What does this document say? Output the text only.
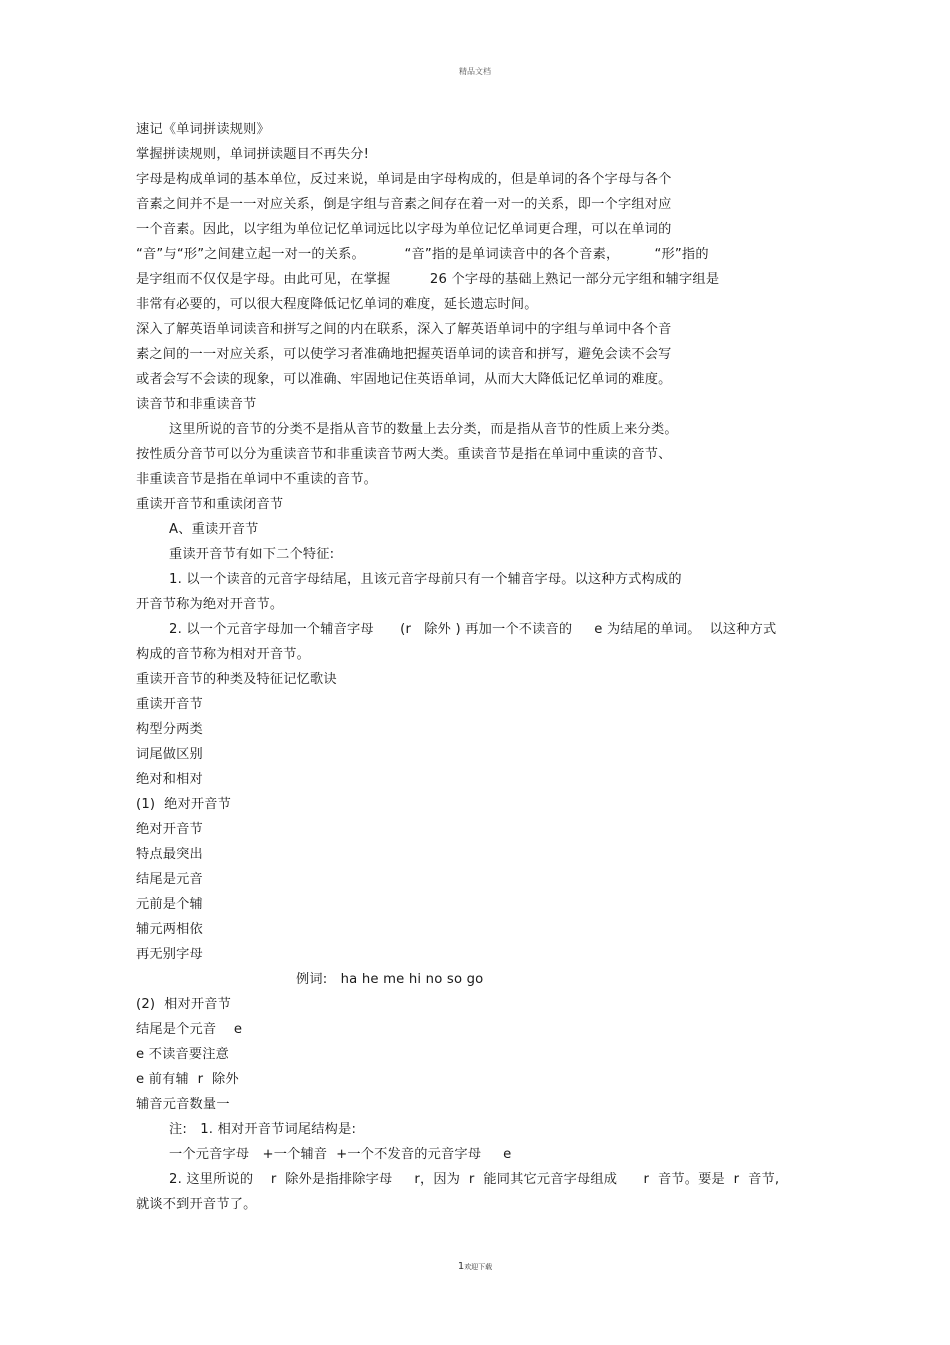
精品文档
速记《单词拼读规则》
掌握拼读规则，单词拼读题目不再失分!
字母是构成单词的基本单位，反过来说，单词是由字母构成的，但是单词的各个字母与各个
音素之间并不是一一对应关系，倒是字组与音素之间存在着一对一的关系，即一个字组对应
一个音素。因此，以字组为单位记忆单词远比以字母为单位记忆单词更合理，可以在单词的
“音”与“形”之间建立起一对一的关系。         “音”指的是单词读音中的各个音素，        “形”指的
是字组而不仅仅是字母。由此可见，在掌握         26 个字母的基础上熟记一部分元字组和辅字组是
非常有必要的，可以很大程度降低记忆单词的难度，延长遗忘时间。
深入了解英语单词读音和拼写之间的内在联系，深入了解英语单词中的字组与单词中各个音
素之间的一一对应关系，可以使学习者准确地把握英语单词的读音和拼写，避免会读不会写
或者会写不会读的现象，可以准确、牢固地记住英语单词，从而大大降低记忆单词的难度。
读音节和非重读音节
这里所说的音节的分类不是指从音节的数量上去分类，而是指从音节的性质上来分类。
按性质分音节可以分为重读音节和非重读音节两大类。重读音节是指在单词中重读的音节、
非重读音节是指在单词中不重读的音节。
重读开音节和重读闭音节
A、重读开音节
重读开音节有如下二个特征:
1. 以一个读音的元音字母结尾，且该元音字母前只有一个辅音字母。以这种方式构成的
开音节称为绝对开音节。
2. 以一个元音字母加一个辅音字母      (r   除外 ) 再加一个不读音的     e 为结尾的单词。  以这种方式
构成的音节称为相对开音节。
重读开音节的种类及特征记忆歌诀
重读开音节
构型分两类
词尾做区别
绝对和相对
(1)  绝对开音节
绝对开音节
特点最突出
结尾是元音
元前是个辅
辅元两相依
再无别字母
例词:   ha he me hi no so go
(2)  相对开音节
结尾是个元音    e
e 不读音要注意
e 前有辅  r  除外
辅音元音数量一
注:   1. 相对开音节词尾结构是:
一个元音字母   +一个辅音  +一个不发音的元音字母     e
2. 这里所说的    r  除外是指排除字母     r，因为  r  能同其它元音字母组成      r  音节。要是  r  音节,
就谈不到开音节了。
1欢迎下载
